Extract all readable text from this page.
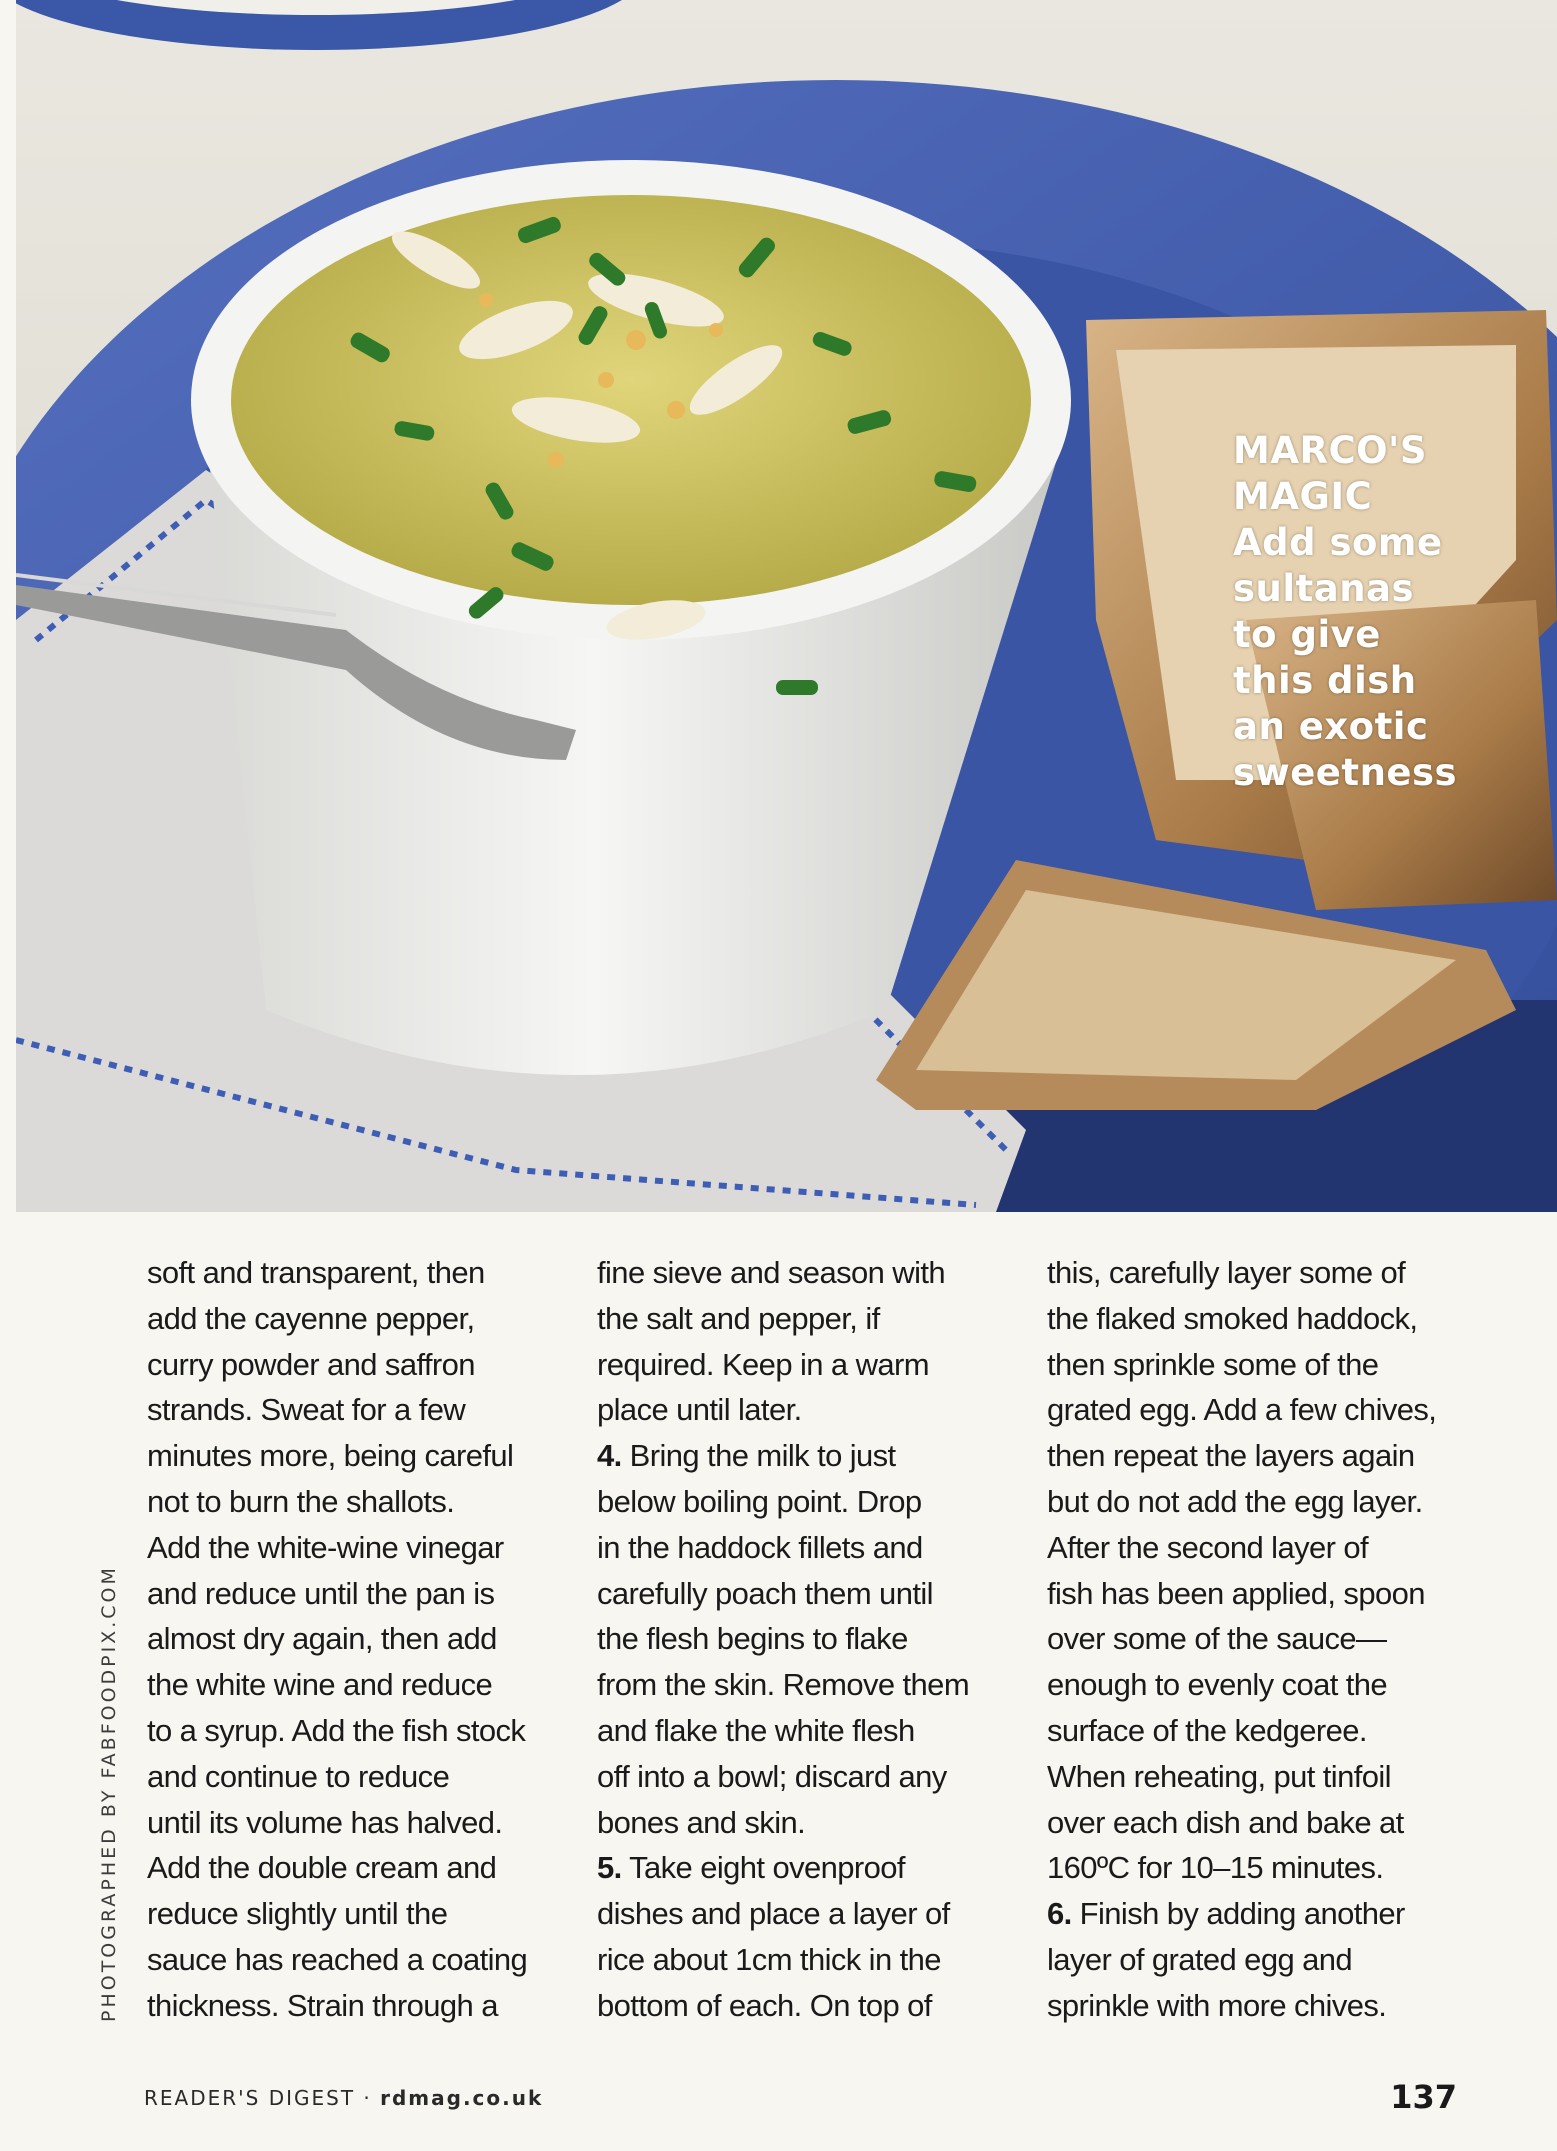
MARCO'S
MAGIC
Add some
sultanas
to give
this dish
an exotic
sweetness
PHOTOGRAPHED BY FABFOODPIX.COM
soft and transparent, then
add the cayenne pepper,
curry powder and saffron
strands. Sweat for a few
minutes more, being careful
not to burn the shallots.
Add the white-wine vinegar
and reduce until the pan is
almost dry again, then add
the white wine and reduce
to a syrup. Add the fish stock
and continue to reduce
until its volume has halved.
Add the double cream and
reduce slightly until the
sauce has reached a coating
thickness. Strain through a
fine sieve and season with
the salt and pepper, if
required. Keep in a warm
place until later.
4. Bring the milk to just
below boiling point. Drop
in the haddock fillets and
carefully poach them until
the flesh begins to flake
from the skin. Remove them
and flake the white flesh
off into a bowl; discard any
bones and skin.
5. Take eight ovenproof
dishes and place a layer of
rice about 1cm thick in the
bottom of each. On top of
this, carefully layer some of
the flaked smoked haddock,
then sprinkle some of the
grated egg. Add a few chives,
then repeat the layers again
but do not add the egg layer.
After the second layer of
fish has been applied, spoon
over some of the sauce—
enough to evenly coat the
surface of the kedgeree.
When reheating, put tinfoil
over each dish and bake at
160ºC for 10–15 minutes.
6. Finish by adding another
layer of grated egg and
sprinkle with more chives.
READER'S DIGEST · rdmag.co.uk	137
